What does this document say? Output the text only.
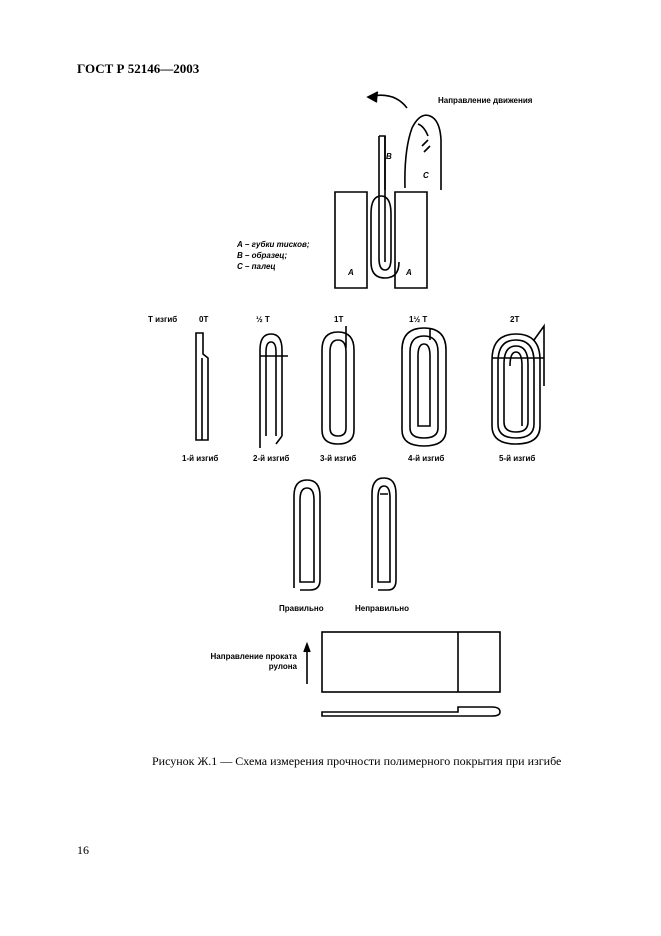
ГОСТ Р 52146—2003
Направление движения
В
С
А	А
А – губки тисков;
В – образец;
С – палец
Т изгиб	0Т	½ Т	1Т	1½ Т	2Т
1-й изгиб	2-й изгиб	3-й изгиб	4-й изгиб	5-й изгиб
Правильно	Неправильно
Направление проката
рулона
Рисунок Ж.1 — Схема измерения прочности полимерного покрытия при изгибе
16
